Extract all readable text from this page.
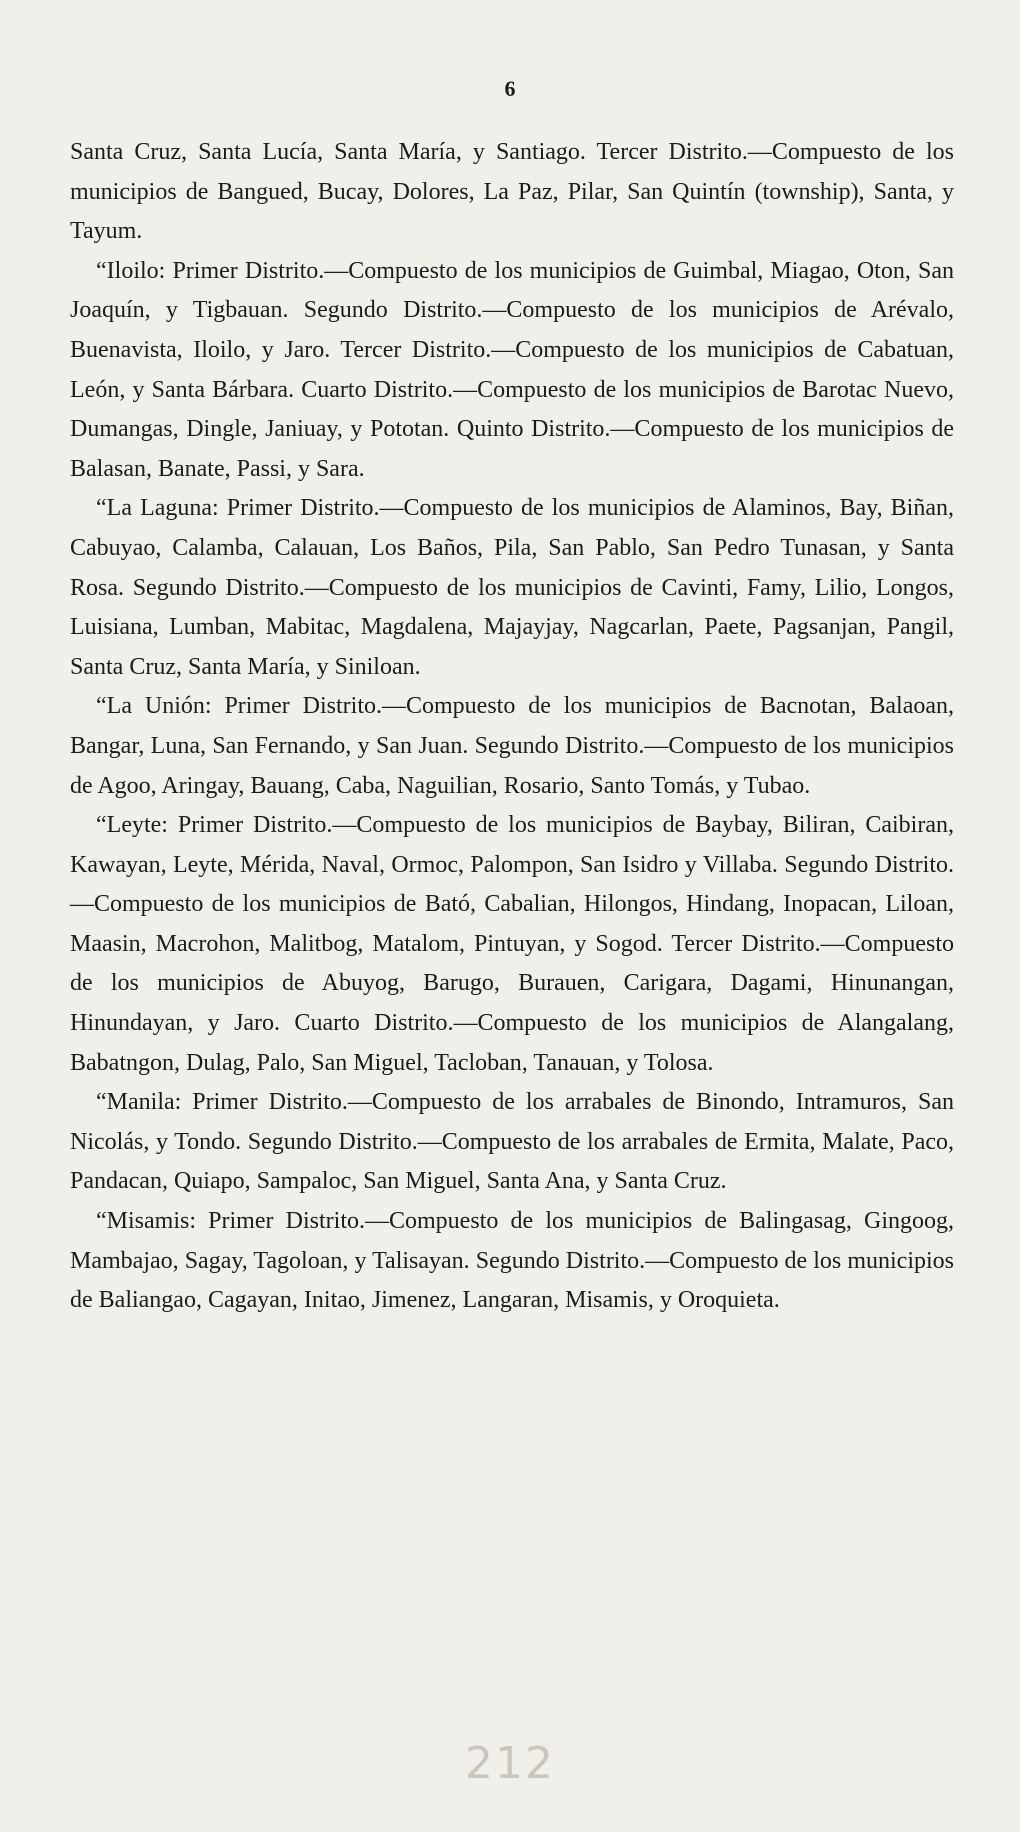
6

Santa Cruz, Santa Lucía, Santa María, y Santiago. Tercer Distrito.—Compuesto de los municipios de Bangued, Bucay, Dolores, La Paz, Pilar, San Quintín (township), Santa, y Tayum.

“Iloilo: Primer Distrito.—Compuesto de los municipios de Guimbal, Miagao, Oton, San Joaquín, y Tigbauan. Segundo Distrito.—Compuesto de los municipios de Arévalo, Buenavista, Iloilo, y Jaro. Tercer Distrito.—Compuesto de los municipios de Cabatuan, León, y Santa Bárbara. Cuarto Distrito.—Compuesto de los municipios de Barotac Nuevo, Dumangas, Dingle, Janiuay, y Pototan. Quinto Distrito.—Compuesto de los municipios de Balasan, Banate, Passi, y Sara.

“La Laguna: Primer Distrito.—Compuesto de los municipios de Alaminos, Bay, Biñan, Cabuyao, Calamba, Calauan, Los Baños, Pila, San Pablo, San Pedro Tunasan, y Santa Rosa. Segundo Distrito.—Compuesto de los municipios de Cavinti, Famy, Lilio, Longos, Luisiana, Lumban, Mabitac, Magdalena, Majayjay, Nagcarlan, Paete, Pagsanjan, Pangil, Santa Cruz, Santa María, y Siniloan.

“La Unión: Primer Distrito.—Compuesto de los municipios de Bacnotan, Balaoan, Bangar, Luna, San Fernando, y San Juan. Segundo Distrito.—Compuesto de los municipios de Agoo, Aringay, Bauang, Caba, Naguilian, Rosario, Santo Tomás, y Tubao.

“Leyte: Primer Distrito.—Compuesto de los municipios de Baybay, Biliran, Caibiran, Kawayan, Leyte, Mérida, Naval, Ormoc, Palompon, San Isidro y Villaba. Segundo Distrito.—Compuesto de los municipios de Bató, Cabalian, Hilongos, Hindang, Inopacan, Liloan, Maasin, Macrohon, Malitbog, Matalom, Pintuyan, y Sogod. Tercer Distrito.—Compuesto de los municipios de Abuyog, Barugo, Burauen, Carigara, Dagami, Hinunangan, Hinundayan, y Jaro. Cuarto Distrito.—Compuesto de los municipios de Alangalang, Babatngon, Dulag, Palo, San Miguel, Tacloban, Tanauan, y Tolosa.

“Manila: Primer Distrito.—Compuesto de los arrabales de Binondo, Intramuros, San Nicolás, y Tondo. Segundo Distrito.—Compuesto de los arrabales de Ermita, Malate, Paco, Pandacan, Quiapo, Sampaloc, San Miguel, Santa Ana, y Santa Cruz.

“Misamis: Primer Distrito.—Compuesto de los municipios de Balingasag, Gingoog, Mambajao, Sagay, Tagoloan, y Talisayan. Segundo Distrito.—Compuesto de los municipios de Baliangao, Cagayan, Initao, Jimenez, Langaran, Misamis, y Oroquieta.

212
